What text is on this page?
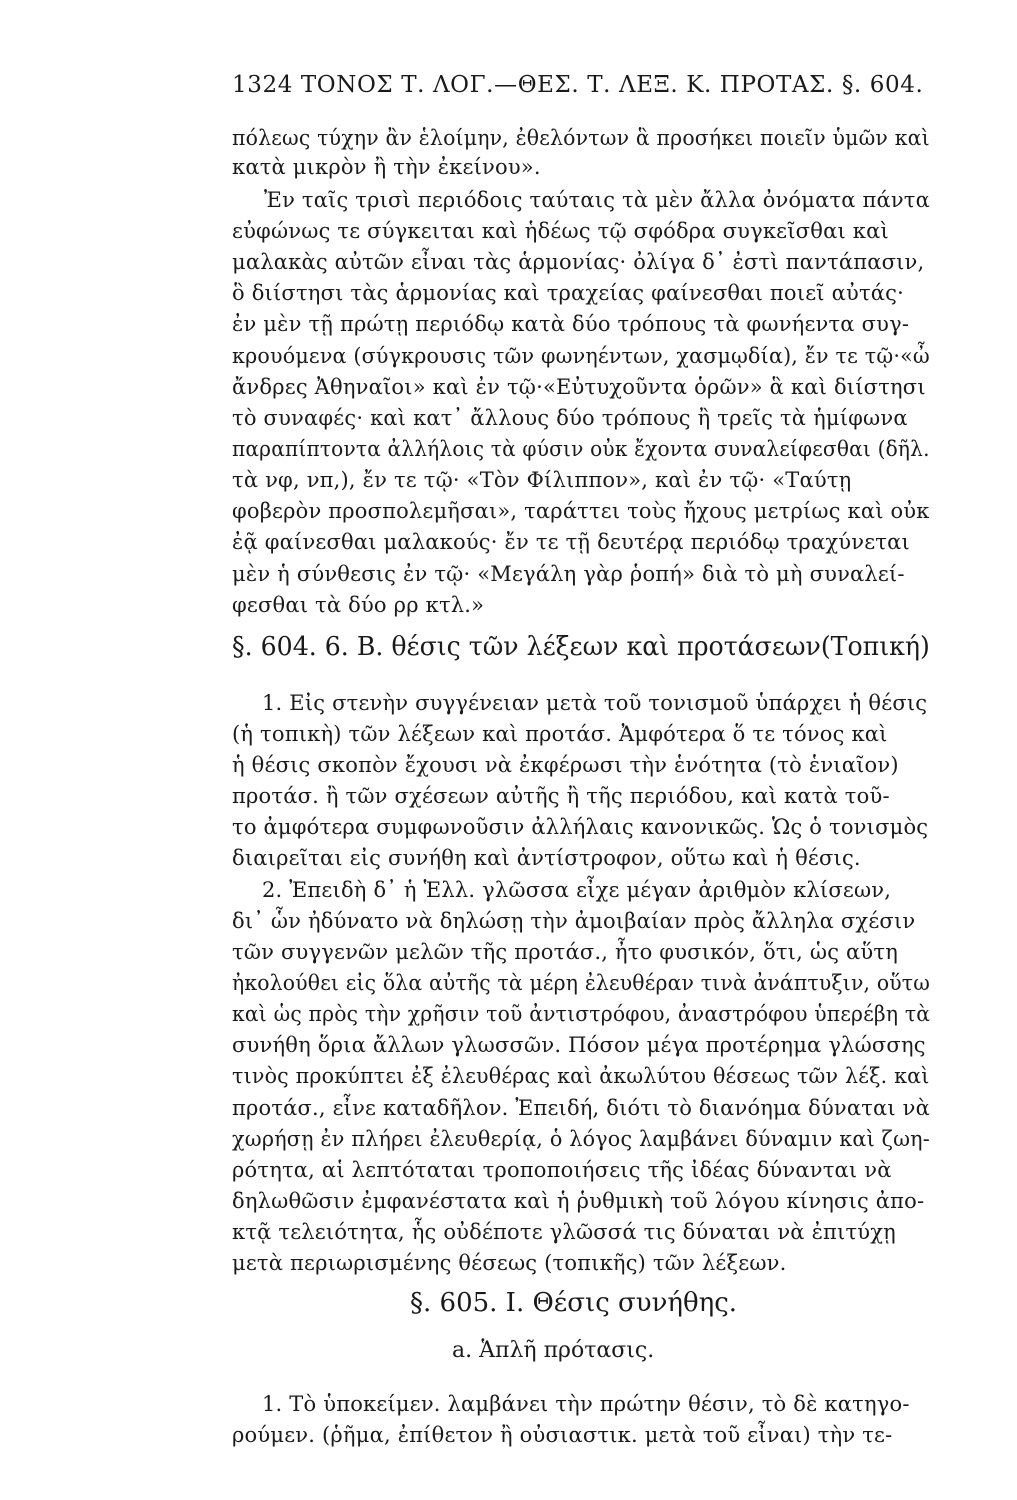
1324 ΤΟΝΟΣ Τ. ΛΟΓ.—ΘΕΣ. Τ. ΛΕΞ. Κ. ΠΡΟΤΑΣ. §. 604.
πόλεως τύχην ἂν ἑλοίμην, ἐθελόντων ἃ προσήκει ποιεῖν ὑμῶν καὶ
κατὰ μικρὸν ἢ τὴν ἐκείνου».
Ἐν ταῖς τρισὶ περιόδοις ταύταις τὰ μὲν ἄλλα ὀνόματα πάντα
εὐφώνως τε σύγκειται καὶ ἡδέως τῷ σφόδρα συγκεῖσθαι καὶ
μαλακὰς αὐτῶν εἶναι τὰς ἁρμονίας· ὀλίγα δ᾽ ἐστὶ παντάπασιν,
ὃ διίστησι τὰς ἁρμονίας καὶ τραχείας φαίνεσθαι ποιεῖ αὐτάς·
ἐν μὲν τῇ πρώτῃ περιόδῳ κατὰ δύο τρόπους τὰ φωνήεντα συγ-
κρουόμενα (σύγκρουσις τῶν φωνηέντων, χασμῳδία), ἔν τε τῷ·«ὦ
ἄνδρες Ἀθηναῖοι» καὶ ἐν τῷ·«Εὐτυχοῦντα ὁρῶν» ἃ καὶ διίστησι
τὸ συναφές· καὶ κατ᾽ ἄλλους δύο τρόπους ἢ τρεῖς τὰ ἡμίφωνα
παραπίπτοντα ἀλλήλοις τὰ φύσιν οὐκ ἔχοντα συναλείφεσθαι (δῆλ.
τὰ νφ, νπ,), ἔν τε τῷ· «Τὸν Φίλιππον», καὶ ἐν τῷ· «Ταύτῃ
φοβερὸν προσπολεμῆσαι», ταράττει τοὺς ἤχους μετρίως καὶ οὐκ
ἐᾷ φαίνεσθαι μαλακούς· ἔν τε τῇ δευτέρᾳ περιόδῳ τραχύνεται
μὲν ἡ σύνθεσις ἐν τῷ· «Μεγάλη γὰρ ῥοπή» διὰ τὸ μὴ συναλεί-
φεσθαι τὰ δύο ρρ κτλ.»
§. 604. 6. Β. θέσις τῶν λέξεων καὶ προτάσεων(Τοπική)
1. Εἰς στενὴν συγγένειαν μετὰ τοῦ τονισμοῦ ὑπάρχει ἡ θέσις
(ἡ τοπικὴ) τῶν λέξεων καὶ προτάσ. Ἀμφότερα ὅ τε τόνος καὶ
ἡ θέσις σκοπὸν ἔχουσι νὰ ἐκφέρωσι τὴν ἑνότητα (τὸ ἑνιαῖον)
προτάσ. ἢ τῶν σχέσεων αὐτῆς ἢ τῆς περιόδου, καὶ κατὰ τοῦ-
το ἀμφότερα συμφωνοῦσιν ἀλλήλαις κανονικῶς. Ὡς ὁ τονισμὸς
διαιρεῖται εἰς συνήθη καὶ ἀντίστροφον, οὕτω καὶ ἡ θέσις.
2. Ἐπειδὴ δ᾽ ἡ Ἑλλ. γλῶσσα εἶχε μέγαν ἀριθμὸν κλίσεων,
δι᾽ ὧν ἠδύνατο νὰ δηλώσῃ τὴν ἀμοιβαίαν πρὸς ἄλληλα σχέσιν
τῶν συγγενῶν μελῶν τῆς προτάσ., ἦτο φυσικόν, ὅτι, ὡς αὕτη
ἠκολούθει εἰς ὅλα αὐτῆς τὰ μέρη ἐλευθέραν τινὰ ἀνάπτυξιν, οὕτω
καὶ ὡς πρὸς τὴν χρῆσιν τοῦ ἀντιστρόφου, ἀναστρόφου ὑπερέβη τὰ
συνήθη ὅρια ἄλλων γλωσσῶν. Πόσον μέγα προτέρημα γλώσσης
τινὸς προκύπτει ἐξ ἐλευθέρας καὶ ἀκωλύτου θέσεως τῶν λέξ. καὶ
προτάσ., εἶνε καταδῆλον. Ἐπειδή, διότι τὸ διανόημα δύναται νὰ
χωρήσῃ ἐν πλήρει ἐλευθερίᾳ, ὁ λόγος λαμβάνει δύναμιν καὶ ζωη-
ρότητα, αἱ λεπτόταται τροποποιήσεις τῆς ἰδέας δύνανται νὰ
δηλωθῶσιν ἐμφανέστατα καὶ ἡ ῥυθμικὴ τοῦ λόγου κίνησις ἀπο-
κτᾷ τελειότητα, ἧς οὐδέποτε γλῶσσά τις δύναται νὰ ἐπιτύχῃ
μετὰ περιωρισμένης θέσεως (τοπικῆς) τῶν λέξεων.
§. 605. Ι. Θέσις συνήθης.
a. Ἁπλῆ πρότασις.
1. Τὸ ὑποκείμεν. λαμβάνει τὴν πρώτην θέσιν, τὸ δὲ κατηγο-
ρούμεν. (ῥῆμα, ἐπίθετον ἢ οὐσιαστικ. μετὰ τοῦ εἶναι) τὴν τε-
